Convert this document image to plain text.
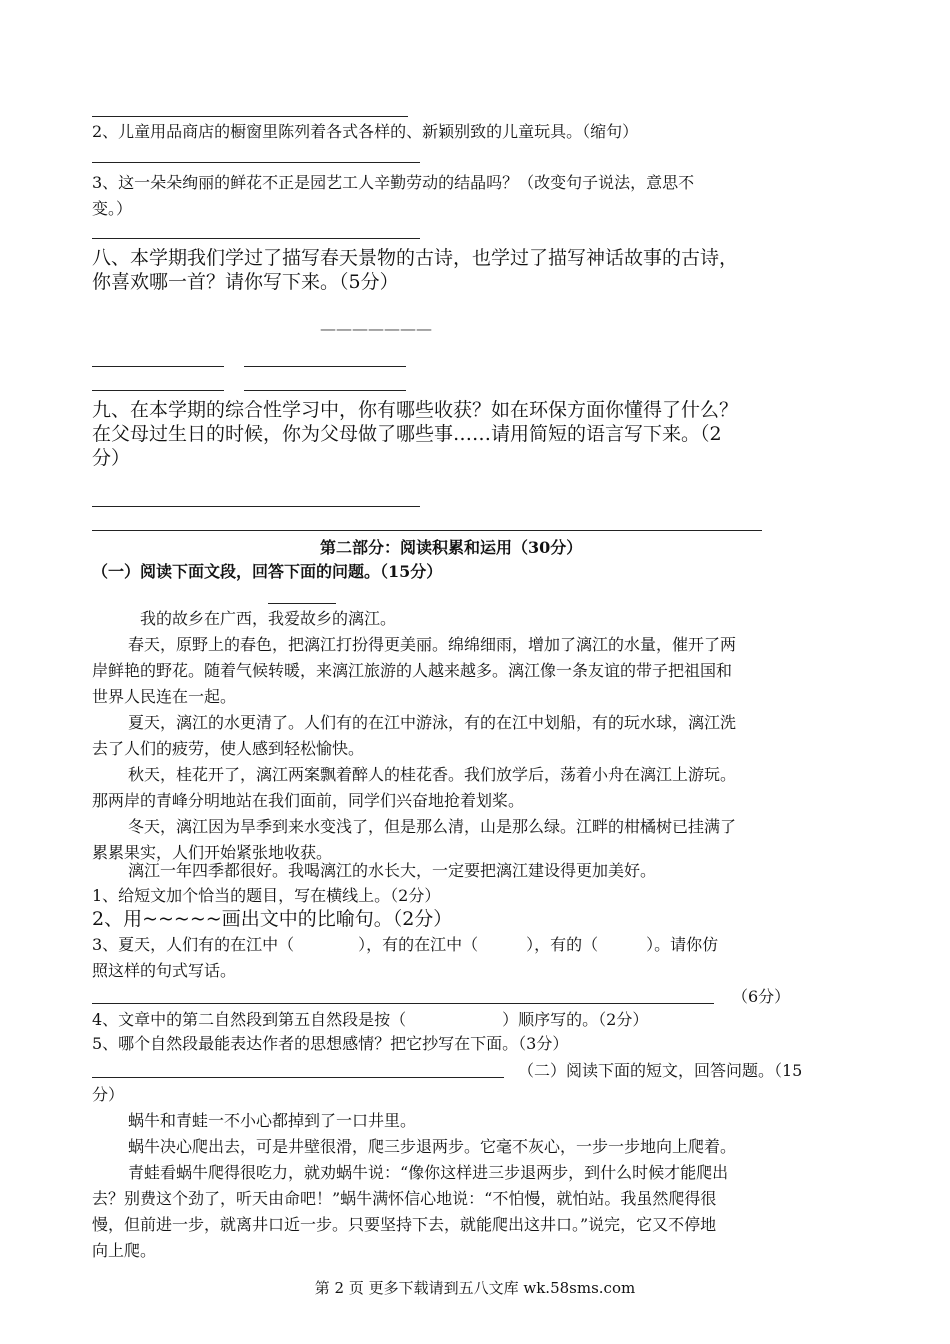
2、儿童用品商店的橱窗里陈列着各式各样的、新颖别致的儿童玩具。（缩句）
3、这一朵朵绚丽的鲜花不正是园艺工人辛勤劳动的结晶吗？（改变句子说法，意思不
变。）
八、本学期我们学过了描写春天景物的古诗，也学过了描写神话故事的古诗，
你喜欢哪一首？请你写下来。（5分）
———————
九、在本学期的综合性学习中，你有哪些收获？如在环保方面你懂得了什么？
在父母过生日的时候，你为父母做了哪些事……请用简短的语言写下来。（2
分）
第二部分：阅读积累和运用（30分）
（一）阅读下面文段，回答下面的问题。（15分）
我的故乡在广西，我爱故乡的漓江。
春天，原野上的春色，把漓江打扮得更美丽。绵绵细雨，增加了漓江的水量，催开了两
岸鲜艳的野花。随着气候转暖，来漓江旅游的人越来越多。漓江像一条友谊的带子把祖国和
世界人民连在一起。
夏天，漓江的水更清了。人们有的在江中游泳，有的在江中划船，有的玩水球，漓江洗
去了人们的疲劳，使人感到轻松愉快。
秋天，桂花开了，漓江两案飘着醉人的桂花香。我们放学后，荡着小舟在漓江上游玩。
那两岸的青峰分明地站在我们面前，同学们兴奋地抢着划桨。
冬天，漓江因为旱季到来水变浅了，但是那么清，山是那么绿。江畔的柑橘树已挂满了
累累果实，人们开始紧张地收获。
漓江一年四季都很好。我喝漓江的水长大，一定要把漓江建设得更加美好。
1、给短文加个恰当的题目，写在横线上。（2分）
2、用~~~~~画出文中的比喻句。（2分）
3、夏天，人们有的在江中（　　　　），有的在江中（　　　），有的（　　　）。请你仿
照这样的句式写话。
（6分）
4、文章中的第二自然段到第五自然段是按（　　　　　　）顺序写的。（2分）
5、哪个自然段最能表达作者的思想感情？把它抄写在下面。（3分）
（二）阅读下面的短文，回答问题。（15
分）
蜗牛和青蛙一不小心都掉到了一口井里。
蜗牛决心爬出去，可是井壁很滑，爬三步退两步。它毫不灰心，一步一步地向上爬着。
青蛙看蜗牛爬得很吃力，就劝蜗牛说：“像你这样进三步退两步，到什么时候才能爬出
去？别费这个劲了，听天由命吧！”蜗牛满怀信心地说：“不怕慢，就怕站。我虽然爬得很
慢，但前进一步，就离井口近一步。只要坚持下去，就能爬出这井口。”说完，它又不停地
向上爬。
第 2 页 更多下载请到五八文库 wk.58sms.com
